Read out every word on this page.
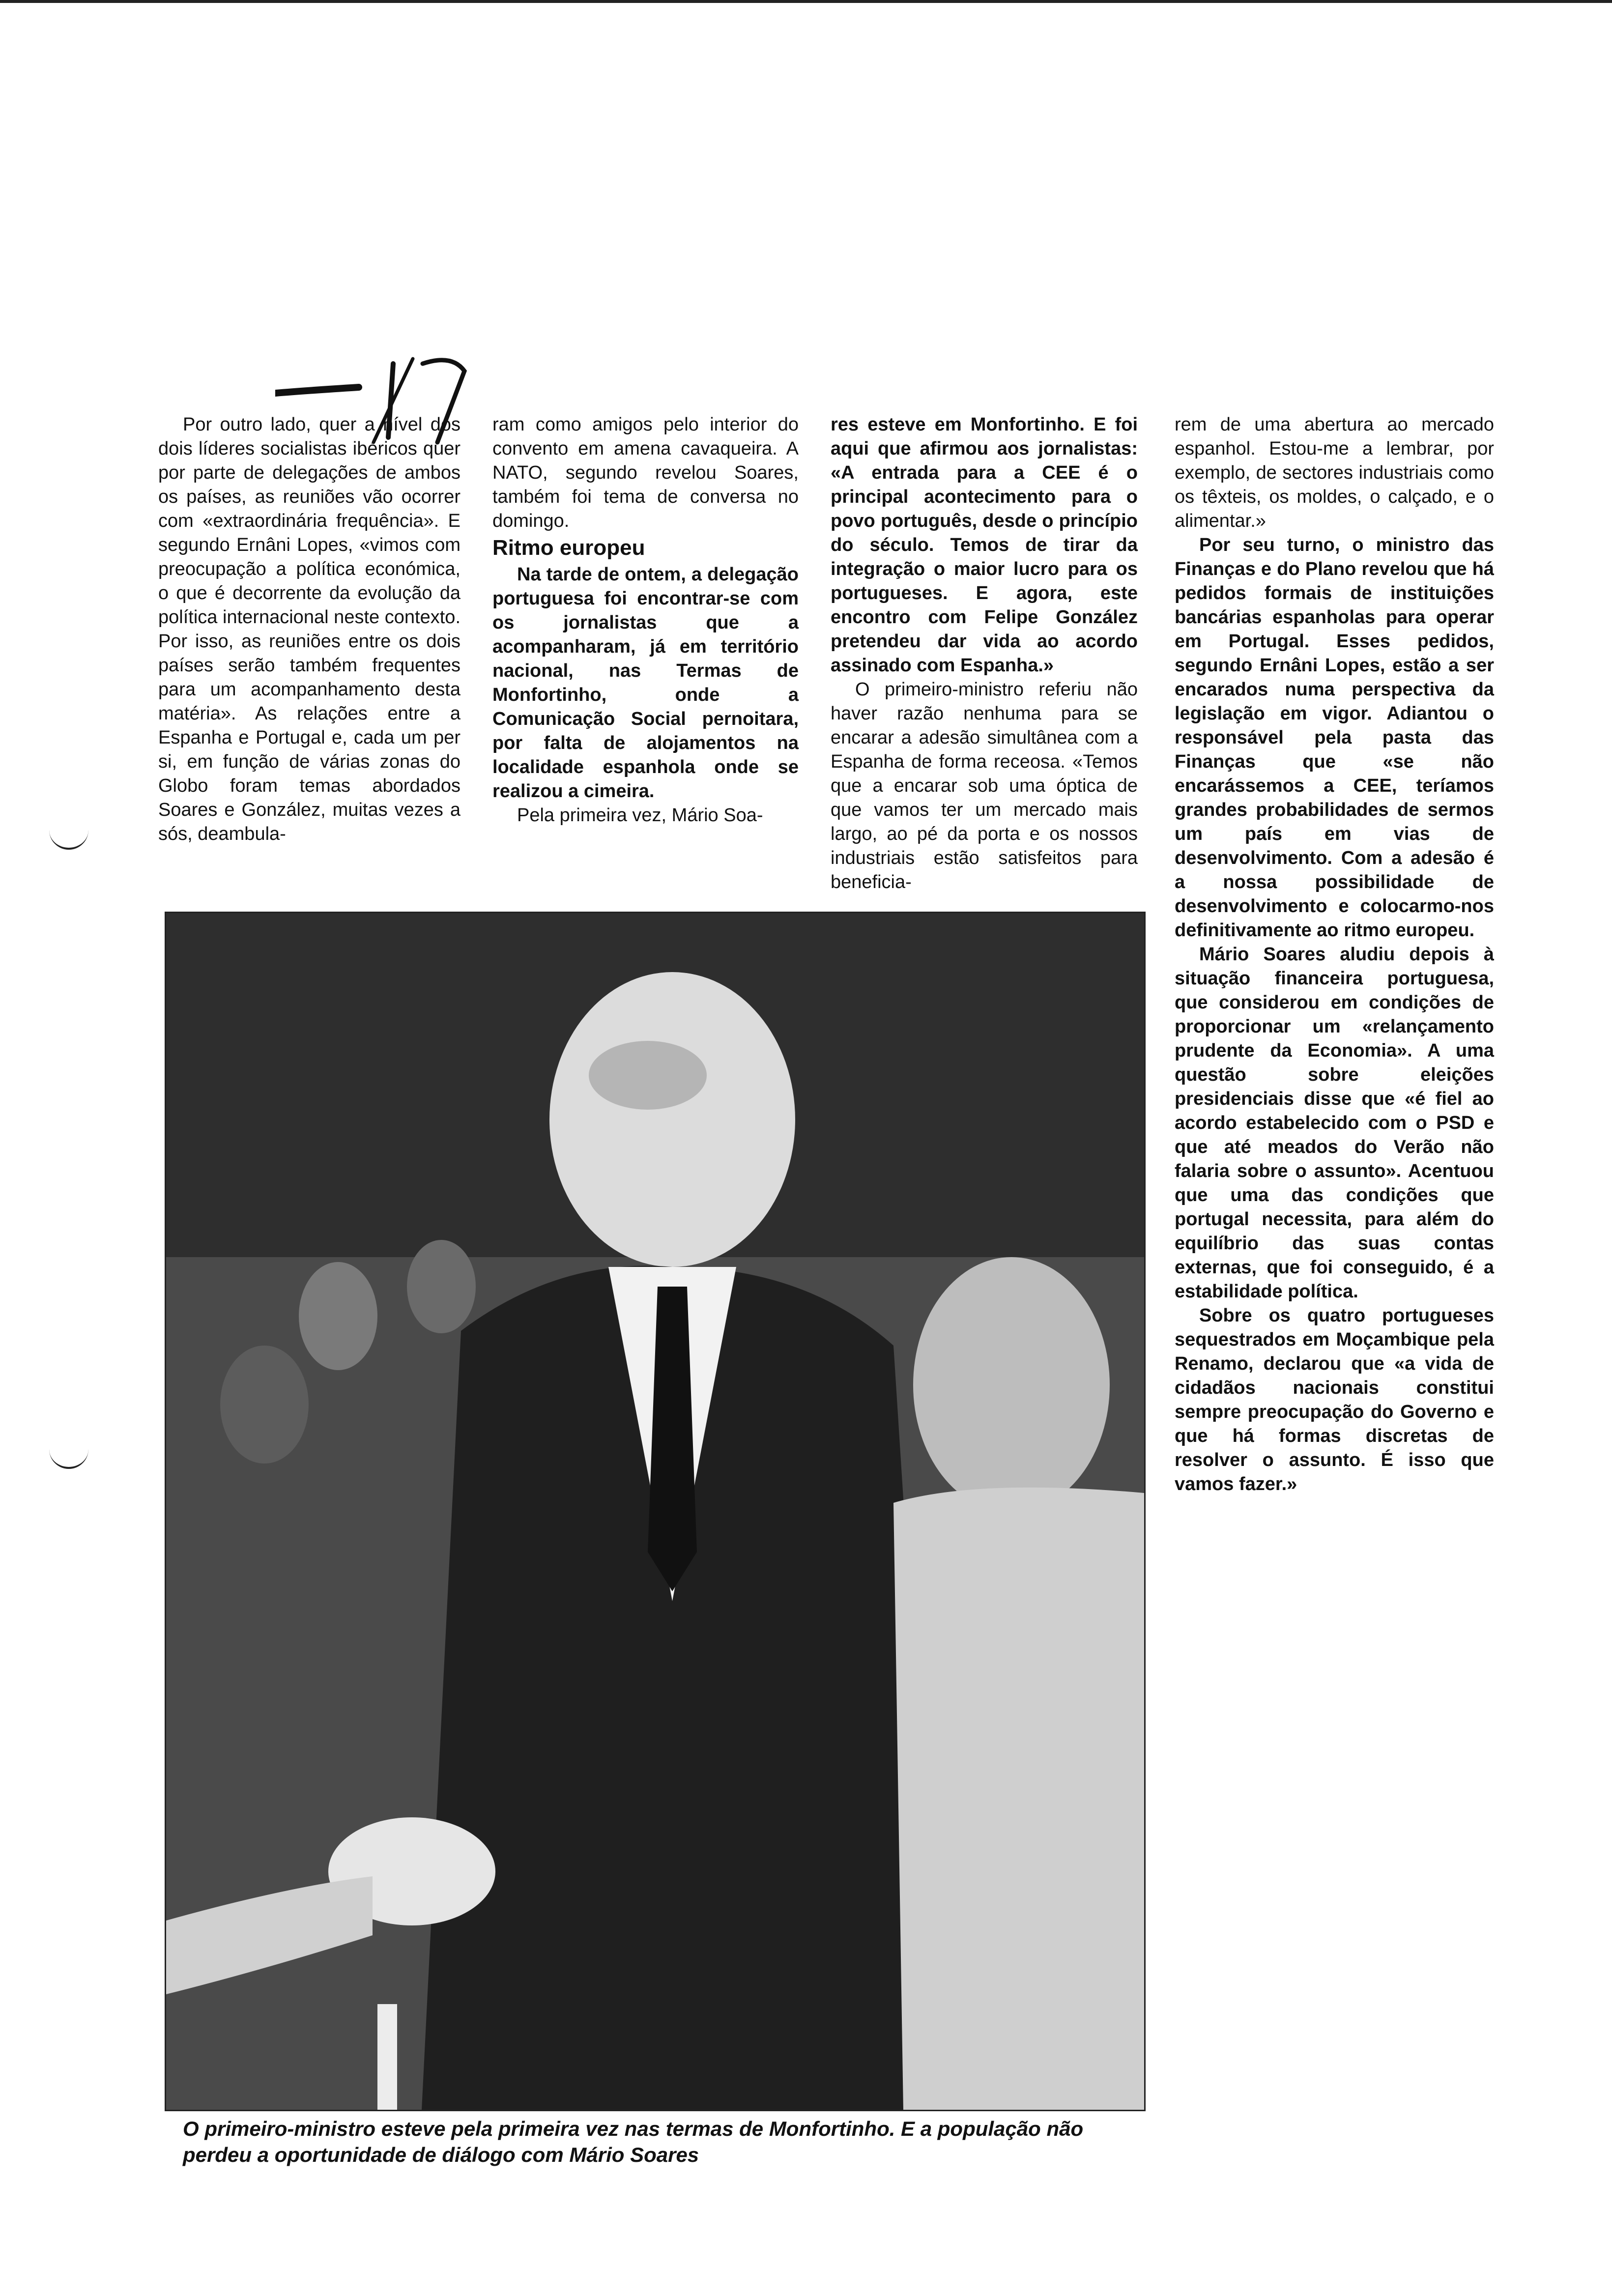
Por outro lado, quer a nível dos dois líderes socialistas ibéricos quer por parte de delegações de ambos os países, as reuniões vão ocorrer com «extraordinária frequência». E segundo Ernâni Lopes, «vimos com preocupação a política económica, o que é decorrente da evolução da política internacional neste contexto. Por isso, as reuniões entre os dois países serão também frequentes para um acompanhamento desta matéria». As relações entre a Espanha e Portugal e, cada um per si, em função de várias zonas do Globo foram temas abordados Soares e González, muitas vezes a sós, deambula-

ram como amigos pelo interior do convento em amena cavaqueira. A NATO, segundo revelou Soares, também foi tema de conversa no domingo.

Ritmo europeu

Na tarde de ontem, a delegação portuguesa foi encontrar-se com os jornalistas que a acompanharam, já em território nacional, nas Termas de Monfortinho, onde a Comunicação Social pernoitara, por falta de alojamentos na localidade espanhola onde se realizou a cimeira.

Pela primeira vez, Mário Soa-

res esteve em Monfortinho. E foi aqui que afirmou aos jornalistas: «A entrada para a CEE é o principal acontecimento para o povo português, desde o princípio do século. Temos de tirar da integração o maior lucro para os portugueses. E agora, este encontro com Felipe González pretendeu dar vida ao acordo assinado com Espanha.»

O primeiro-ministro referiu não haver razão nenhuma para se encarar a adesão simultânea com a Espanha de forma receosa. «Temos que a encarar sob uma óptica de que vamos ter um mercado mais largo, ao pé da porta e os nossos industriais estão satisfeitos para beneficia-

rem de uma abertura ao mercado espanhol. Estou-me a lembrar, por exemplo, de sectores industriais como os têxteis, os moldes, o calçado, e o alimentar.»

Por seu turno, o ministro das Finanças e do Plano revelou que há pedidos formais de instituições bancárias espanholas para operar em Portugal. Esses pedidos, segundo Ernâni Lopes, estão a ser encarados numa perspectiva da legislação em vigor. Adiantou o responsável pela pasta das Finanças que «se não encarássemos a CEE, teríamos grandes probabilidades de sermos um país em vias de desenvolvimento. Com a adesão é a nossa possibilidade de desenvolvimento e colocarmo-nos definitivamente ao ritmo europeu.

Mário Soares aludiu depois à situação financeira portuguesa, que considerou em condições de proporcionar um «relançamento prudente da Economia». A uma questão sobre eleições presidenciais disse que «é fiel ao acordo estabelecido com o PSD e que até meados do Verão não falaria sobre o assunto». Acentuou que uma das condições que portugal necessita, para além do equilíbrio das suas contas externas, que foi conseguido, é a estabilidade política.

Sobre os quatro portugueses sequestrados em Moçambique pela Renamo, declarou que «a vida de cidadãos nacionais constitui sempre preocupação do Governo e que há formas discretas de resolver o assunto. É isso que vamos fazer.»

O primeiro-ministro esteve pela primeira vez nas termas de Monfortinho. E a população não perdeu a oportunidade de diálogo com Mário Soares
